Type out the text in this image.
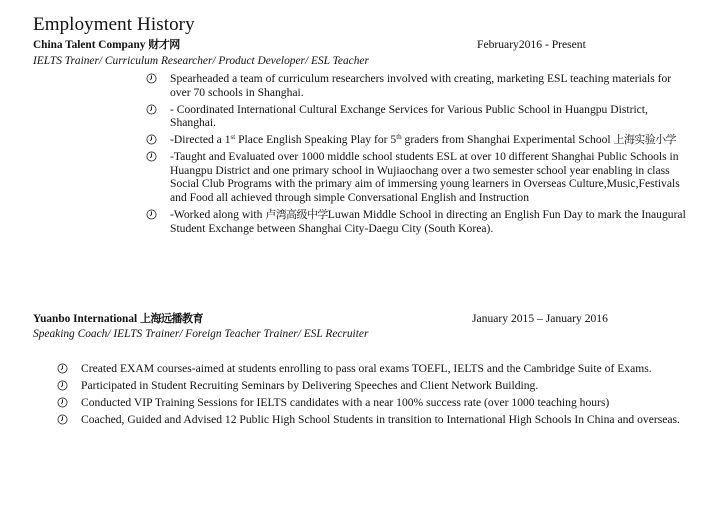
Employment History
China Talent Company 财才网	February2016 - Present
IELTS Trainer/ Curriculum Researcher/ Product Developer/ ESL Teacher
Spearheaded a team of curriculum researchers involved with creating, marketing ESL teaching materials for over 70 schools in Shanghai.
- Coordinated International Cultural Exchange Services for Various Public School in Huangpu District, Shanghai.
-Directed a 1st Place English Speaking Play for 5th graders from Shanghai Experimental School 上海实验小学
-Taught and Evaluated over 1000 middle school students ESL at over 10 different Shanghai Public Schools in Huangpu District and one primary school in Wujiaochang over a two semester school year enabling in class Social Club Programs with the primary aim of immersing young learners in Overseas Culture,Music,Festivals and Food all achieved through simple Conversational English and Instruction
-Worked along with 卢湾高级中学Luwan Middle School in directing an English Fun Day to mark the Inaugural Student Exchange between Shanghai City-Daegu City (South Korea).
Yuanbo International 上海远播教育	January 2015 – January 2016
Speaking Coach/ IELTS Trainer/ Foreign Teacher Trainer/ ESL Recruiter
Created EXAM courses-aimed at students enrolling to pass oral exams TOEFL, IELTS and the Cambridge Suite of Exams.
Participated in Student Recruiting Seminars by Delivering Speeches and Client Network Building.
Conducted VIP Training Sessions for IELTS candidates with a near 100% success rate (over 1000 teaching hours)
Coached, Guided and Advised 12 Public High School Students in transition to International High Schools In China and overseas.
